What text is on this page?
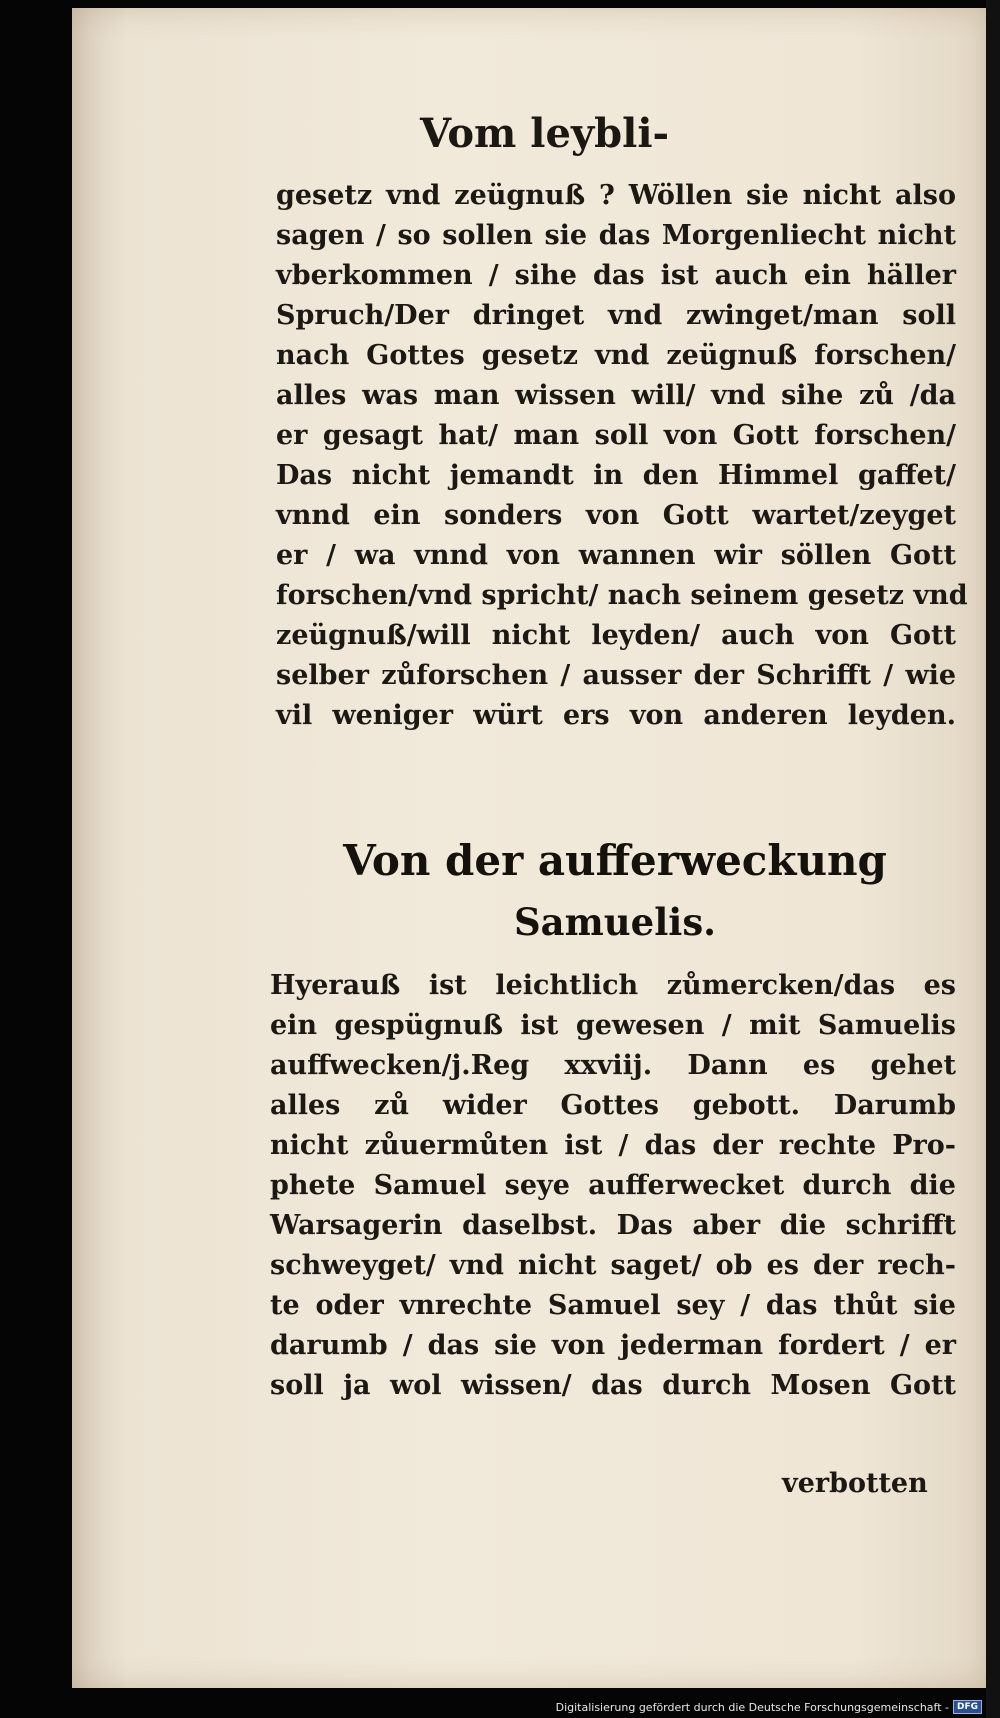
Vom leybli-
gesetz vnd zeügnuß ? Wöllen sie nicht also
sagen / so sollen sie das Morgenliecht nicht
vberkommen / sihe das ist auch ein häller
Spruch/Der dringet vnd zwinget/man soll
nach Gottes gesetz vnd zeügnuß forschen/
alles was man wissen will/ vnd sihe zů /da
er gesagt hat/ man soll von Gott forschen/
Das nicht jemandt in den Himmel gaffet/
vnnd ein sonders von Gott wartet/zeyget
er / wa vnnd von wannen wir söllen Gott
forschen/vnd spricht/ nach seinem gesetz vnd
zeügnuß/will nicht leyden/ auch von Gott
selber zůforschen / ausser der Schrifft / wie
vil weniger würt ers von anderen leyden.
Von der aufferweckung
Samuelis.
Hyerauß ist leichtlich zůmercken/das es
ein gespügnuß ist gewesen / mit Samuelis
auffwecken/j.Reg xxviij. Dann es gehet
alles zů wider Gottes gebott. Darumb
nicht zůuermůten ist / das der rechte Pro-
phete Samuel seye aufferwecket durch die
Warsagerin daselbst. Das aber die schrifft
schweyget/ vnd nicht saget/ ob es der rech-
te oder vnrechte Samuel sey / das thůt sie
darumb / das sie von jederman fordert / er
soll ja wol wissen/ das durch Mosen Gott
verbotten
Digitalisierung gefördert durch die Deutsche Forschungsgemeinschaft - DFG
